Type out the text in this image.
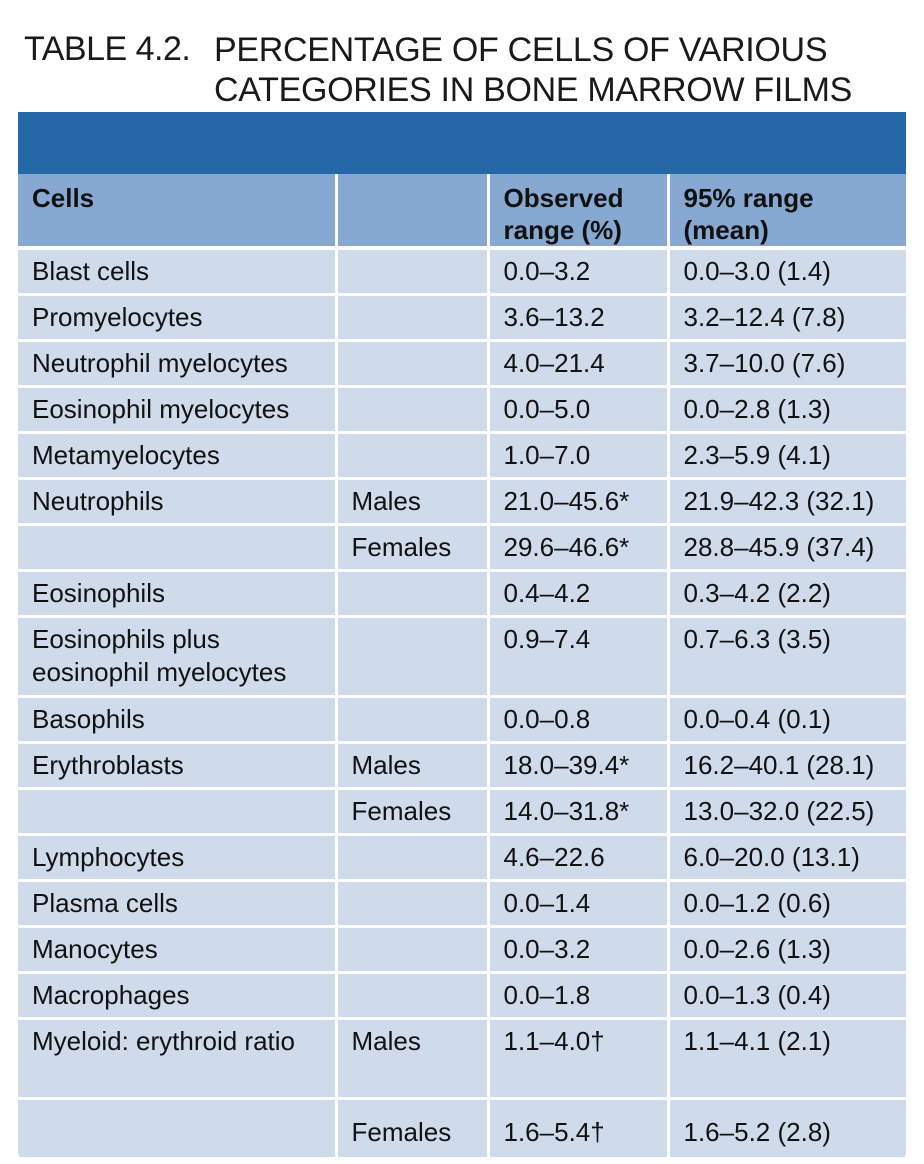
TABLE 4.2. PERCENTAGE OF CELLS OF VARIOUS
CATEGORIES IN BONE MARROW FILMS
Cells		Observed range (%)	95% range (mean)
Blast cells		0.0–3.2	0.0–3.0 (1.4)
Promyelocytes		3.6–13.2	3.2–12.4 (7.8)
Neutrophil myelocytes		4.0–21.4	3.7–10.0 (7.6)
Eosinophil myelocytes		0.0–5.0	0.0–2.8 (1.3)
Metamyelocytes		1.0–7.0	2.3–5.9 (4.1)
Neutrophils	Males	21.0–45.6*	21.9–42.3 (32.1)
	Females	29.6–46.6*	28.8–45.9 (37.4)
Eosinophils		0.4–4.2	0.3–4.2 (2.2)
Eosinophils plus eosinophil myelocytes		0.9–7.4	0.7–6.3 (3.5)
Basophils		0.0–0.8	0.0–0.4 (0.1)
Erythroblasts	Males	18.0–39.4*	16.2–40.1 (28.1)
	Females	14.0–31.8*	13.0–32.0 (22.5)
Lymphocytes		4.6–22.6	6.0–20.0 (13.1)
Plasma cells		0.0–1.4	0.0–1.2 (0.6)
Manocytes		0.0–3.2	0.0–2.6 (1.3)
Macrophages		0.0–1.8	0.0–1.3 (0.4)
Myeloid: erythroid ratio	Males	1.1–4.0†	1.1–4.1 (2.1)
	Females	1.6–5.4†	1.6–5.2 (2.8)
